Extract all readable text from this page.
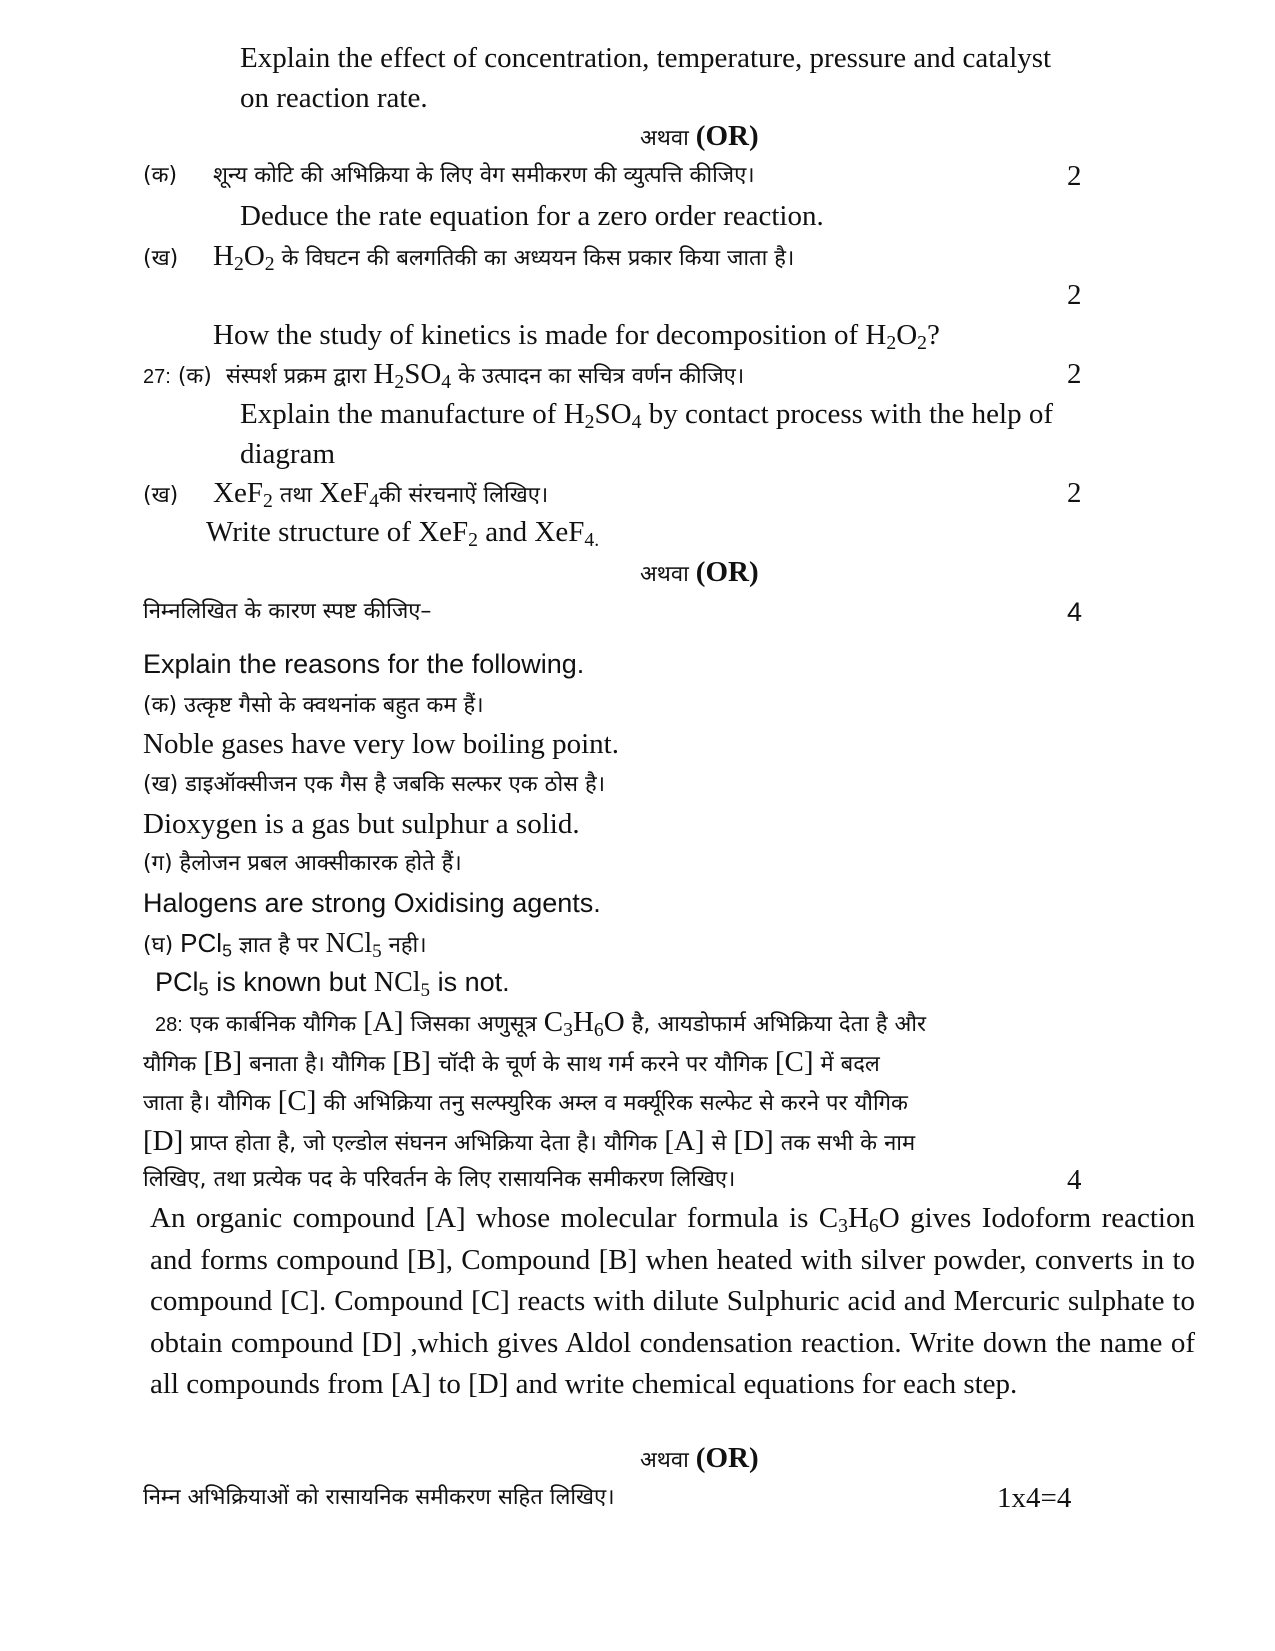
Explain the effect of concentration, temperature, pressure and catalyst
on reaction rate.
अथवा (OR)
(क) शून्य कोटि की अभिक्रिया के लिए वेग समीकरण की व्युत्पत्ति कीजिए।	2
Deduce the rate equation for a zero order reaction.
(ख) $H_2O_2$ के विघटन की बलगतिकी का अध्ययन किस प्रकार किया जाता है।
2
How the study of kinetics is made for decomposition of $H_2O_2$?
27: (क) संस्पर्श प्रक्रम द्वारा $H_2SO_4$ के उत्पादन का सचित्र वर्णन कीजिए।	2
Explain the manufacture of $H_2SO_4$ by contact process with the help of
diagram
(ख) XeF$_2$ तथा XeF$_4$की संरचनाऐं लिखिए।	2
Write structure of XeF$_2$ and XeF$_{4.}$
अथवा (OR)
निम्नलिखित के कारण स्पष्ट कीजिए–	4
Explain the reasons for the following.
(क) उत्कृष्ट गैसो के क्वथनांक बहुत कम हैं।
Noble gases have very low boiling point.
(ख) डाइऑक्सीजन एक गैस है जबकि सल्फर एक ठोस है।
Dioxygen is a gas but sulphur a solid.
(ग) हैलोजन प्रबल आक्सीकारक होते हैं।
Halogens are strong Oxidising agents.
(घ) PCl$_5$ ज्ञात है पर NCl$_5$ नही।
PCl$_5$ is known but NCl$_5$ is not.
28: एक कार्बनिक यौगिक [A] जिसका अणुसूत्र $C_3H_6O$ है, आयडोफार्म अभिक्रिया देता है और
यौगिक [B] बनाता है। यौगिक [B] चॉदी के चूर्ण के साथ गर्म करने पर यौगिक [C] में बदल
जाता है। यौगिक [C] की अभिक्रिया तनु सल्फ्युरिक अम्ल व मर्क्यूरिक सल्फेट से करने पर यौगिक
[D] प्राप्त होता है, जो एल्डोल संघनन अभिक्रिया देता है। यौगिक [A] से [D] तक सभी के नाम
लिखिए, तथा प्रत्येक पद के परिवर्तन के लिए रासायनिक समीकरण लिखिए।	4
An organic compound [A] whose molecular formula is $C_3H_6O$ gives Iodoform reaction and forms compound [B], Compound [B] when heated with silver powder, converts in to compound [C]. Compound [C] reacts with dilute Sulphuric acid and Mercuric sulphate to obtain compound [D] ,which gives Aldol condensation reaction. Write down the name of all compounds from [A] to [D] and write chemical equations for each step.
अथवा (OR)
निम्न अभिक्रियाओं को रासायनिक समीकरण सहित लिखिए।	1x4=4
